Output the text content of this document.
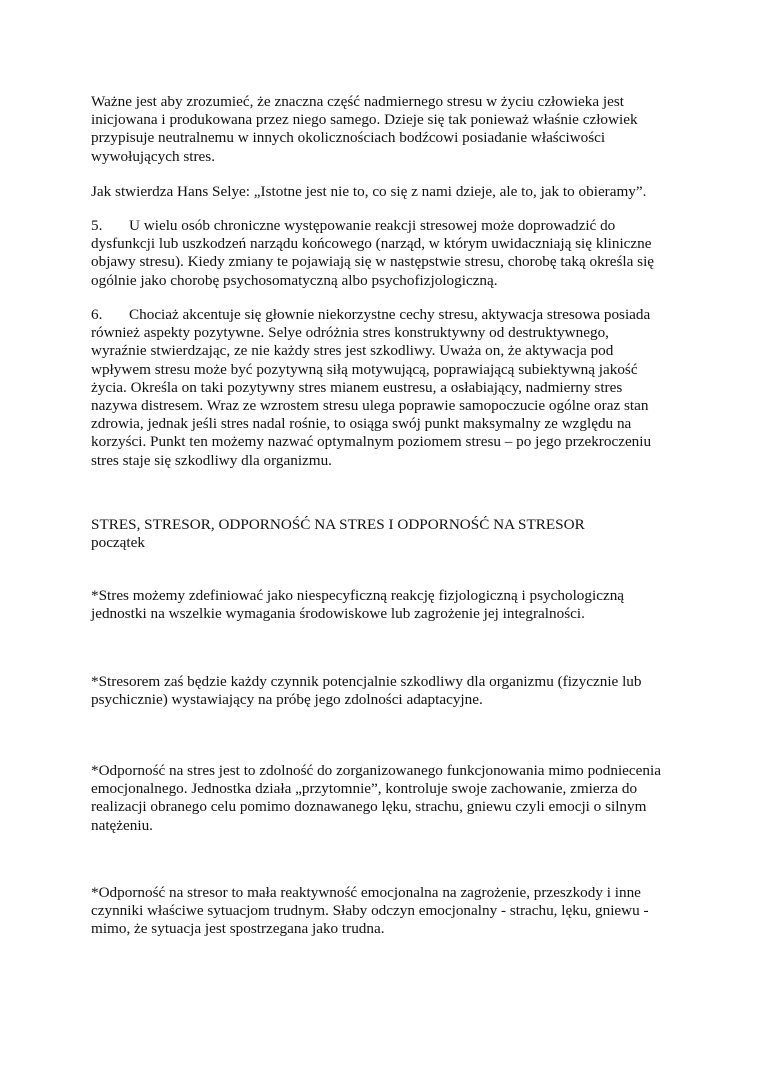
Ważne jest aby zrozumieć, że znaczna część nadmiernego stresu w życiu człowieka jest
inicjowana i produkowana przez niego samego. Dzieje się tak ponieważ właśnie człowiek
przypisuje neutralnemu w innych okolicznościach bodźcowi posiadanie właściwości
wywołujących stres.

Jak stwierdza Hans Selye: „Istotne jest nie to, co się z nami dzieje, ale to, jak to obieramy”.

5. U wielu osób chroniczne występowanie reakcji stresowej może doprowadzić do
dysfunkcji lub uszkodzeń narządu końcowego (narząd, w którym uwidaczniają się kliniczne
objawy stresu). Kiedy zmiany te pojawiają się w następstwie stresu, chorobę taką określa się
ogólnie jako chorobę psychosomatyczną albo psychofizjologiczną.

6. Chociaż akcentuje się głownie niekorzystne cechy stresu, aktywacja stresowa posiada
również aspekty pozytywne. Selye odróżnia stres konstruktywny od destruktywnego,
wyraźnie stwierdzając, ze nie każdy stres jest szkodliwy. Uważa on, że aktywacja pod
wpływem stresu może być pozytywną siłą motywującą, poprawiającą subiektywną jakość
życia. Określa on taki pozytywny stres mianem eustresu, a osłabiający, nadmierny stres
nazywa distresem. Wraz ze wzrostem stresu ulega poprawie samopoczucie ogólne oraz stan
zdrowia, jednak jeśli stres nadal rośnie, to osiąga swój punkt maksymalny ze względu na
korzyści. Punkt ten możemy nazwać optymalnym poziomem stresu – po jego przekroczeniu
stres staje się szkodliwy dla organizmu.

STRES, STRESOR, ODPORNOŚĆ NA STRES I ODPORNOŚĆ NA STRESOR
początek

*Stres możemy zdefiniować jako niespecyficzną reakcję fizjologiczną i psychologiczną
jednostki na wszelkie wymagania środowiskowe lub zagrożenie jej integralności.

*Stresorem zaś będzie każdy czynnik potencjalnie szkodliwy dla organizmu (fizycznie lub
psychicznie) wystawiający na próbę jego zdolności adaptacyjne.

*Odporność na stres jest to zdolność do zorganizowanego funkcjonowania mimo podniecenia
emocjonalnego. Jednostka działa „przytomnie”, kontroluje swoje zachowanie, zmierza do
realizacji obranego celu pomimo doznawanego lęku, strachu, gniewu czyli emocji o silnym
natężeniu.

*Odporność na stresor to mała reaktywność emocjonalna na zagrożenie, przeszkody i inne
czynniki właściwe sytuacjom trudnym. Słaby odczyn emocjonalny - strachu, lęku, gniewu -
mimo, że sytuacja jest spostrzegana jako trudna.
